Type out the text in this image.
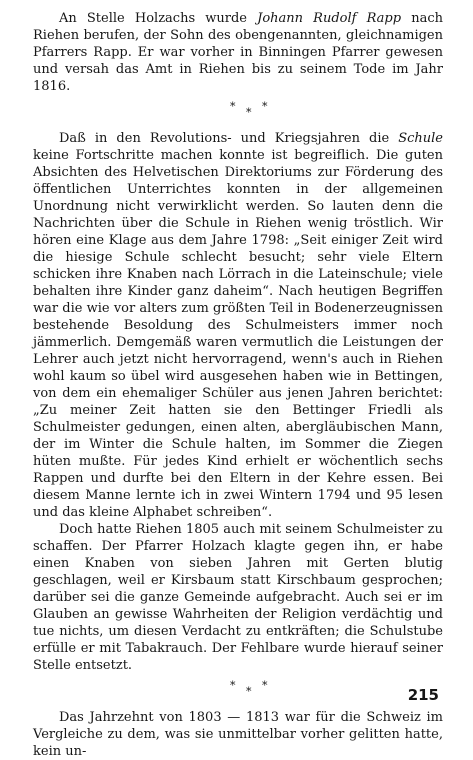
An Stelle Holzachs wurde Johann Rudolf Rapp nach Riehen berufen, der Sohn des obengenannten, gleichnamigen Pfarrers Rapp. Er war vorher in Binningen Pfarrer gewesen und versah das Amt in Riehen bis zu seinem Tode im Jahr 1816.

* * *

Daß in den Revolutions- und Kriegsjahren die Schule keine Fortschritte machen konnte ist begreiflich. Die guten Absichten des Helvetischen Direktoriums zur Förderung des öffentlichen Unterrichtes konnten in der allgemeinen Unordnung nicht verwirklicht werden. So lauten denn die Nachrichten über die Schule in Riehen wenig tröstlich. Wir hören eine Klage aus dem Jahre 1798: „Seit einiger Zeit wird die hiesige Schule schlecht besucht; sehr viele Eltern schicken ihre Knaben nach Lörrach in die Lateinschule; viele behalten ihre Kinder ganz daheim“. Nach heutigen Begriffen war die wie vor alters zum größten Teil in Bodenerzeugnissen bestehende Besoldung des Schulmeisters immer noch jämmerlich. Demgemäß waren vermutlich die Leistungen der Lehrer auch jetzt nicht hervorragend, wenn's auch in Riehen wohl kaum so übel wird ausgesehen haben wie in Bettingen, von dem ein ehemaliger Schüler aus jenen Jahren berichtet: „Zu meiner Zeit hatten sie den Bettinger Friedli als Schulmeister gedungen, einen alten, abergläubischen Mann, der im Winter die Schule halten, im Sommer die Ziegen hüten mußte. Für jedes Kind erhielt er wöchentlich sechs Rappen und durfte bei den Eltern in der Kehre essen. Bei diesem Manne lernte ich in zwei Wintern 1794 und 95 lesen und das kleine Alphabet schreiben“.

Doch hatte Riehen 1805 auch mit seinem Schulmeister zu schaffen. Der Pfarrer Holzach klagte gegen ihn, er habe einen Knaben von sieben Jahren mit Gerten blutig geschlagen, weil er Kirsbaum statt Kirschbaum gesprochen; darüber sei die ganze Gemeinde aufgebracht. Auch sei er im Glauben an gewisse Wahrheiten der Religion verdächtig und tue nichts, um diesen Verdacht zu entkräften; die Schulstube erfülle er mit Tabakrauch. Der Fehlbare wurde hierauf seiner Stelle entsetzt.

* * *

Das Jahrzehnt von 1803 — 1813 war für die Schweiz im Vergleiche zu dem, was sie unmittelbar vorher gelitten hatte, kein un-

215
